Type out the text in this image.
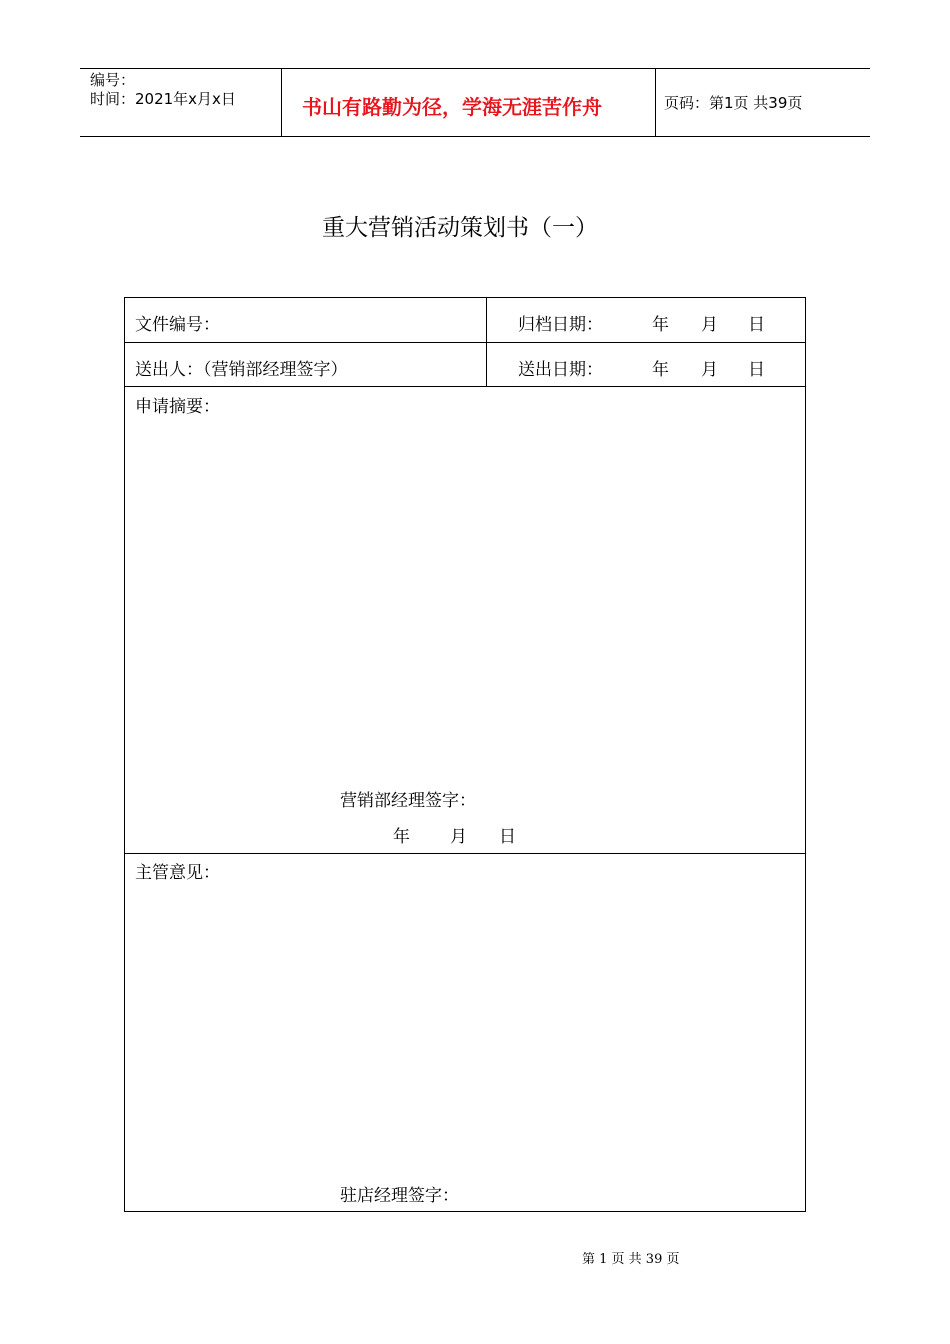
编号：
时间：2021年x月x日	书山有路勤为径，学海无涯苦作舟	页码：第1页 共39页
重大营销活动策划书（一）
文件编号：	归档日期：	年 月 日
送出人：（营销部经理签字）	送出日期：	年 月 日
申请摘要：
营销部经理签字：
年 月 日
主管意见：
驻店经理签字：
第 1 页 共 39 页
